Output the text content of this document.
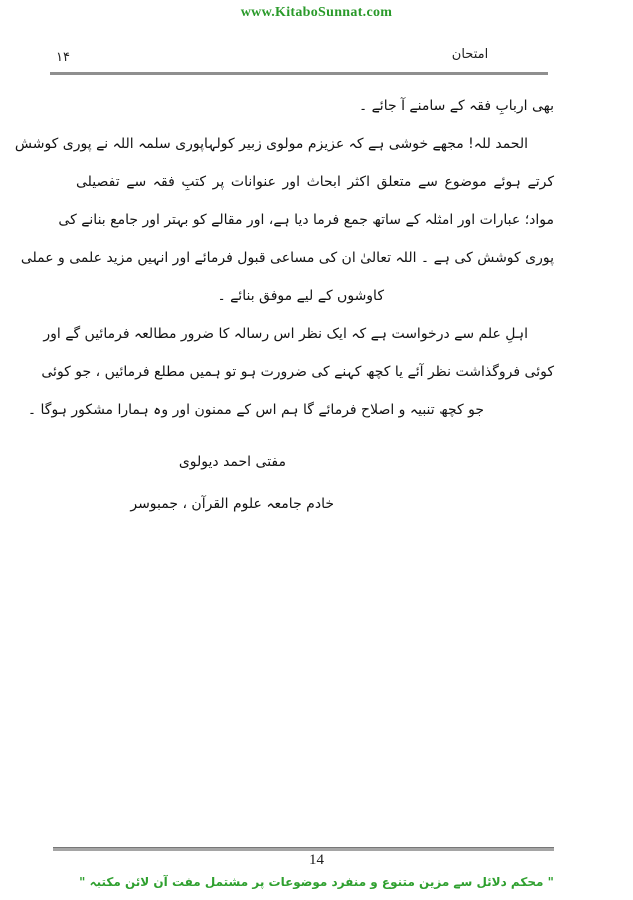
www.KitaboSunnat.com
۱۴	امتحان
بھی اربابِ فقہ کے سامنے آ جائے ۔
الحمد للہ! مجھے خوشی ہے کہ عزیزم مولوی زبیر کولہاپوری سلمہ اللہ نے پوری کوشش
کرتے ہوئے موضوع سے متعلق اکثر ابحاث اور عنوانات پر کتبِ فقہ سے تفصیلی
مواد؛ عبارات اور امثلہ کے ساتھ جمع فرما دیا ہے، اور مقالے کو بہتر اور جامع بنانے کی
پوری کوشش کی ہے ۔ اللہ تعالیٰ ان کی مساعی قبول فرمائے اور انہیں مزید علمی و عملی
کاوشوں کے لیے موفق بنائے ۔
اہلِ علم سے درخواست ہے کہ ایک نظر اس رسالہ کا ضرور مطالعہ فرمائیں گے اور
کوئی فروگذاشت نظر آئے یا کچھ کہنے کی ضرورت ہو تو ہمیں مطلع فرمائیں ، جو کوئی
جو کچھ تنبیہ و اصلاح فرمائے گا ہم اس کے ممنون اور وہ ہمارا مشکور ہوگا ۔
مفتی احمد دیولوی
خادم جامعہ علوم القرآن ، جمبوسر
14
" محکم دلائل سے مزین متنوع و منفرد موضوعات پر مشتمل مفت آن لائن مکتبہ "
